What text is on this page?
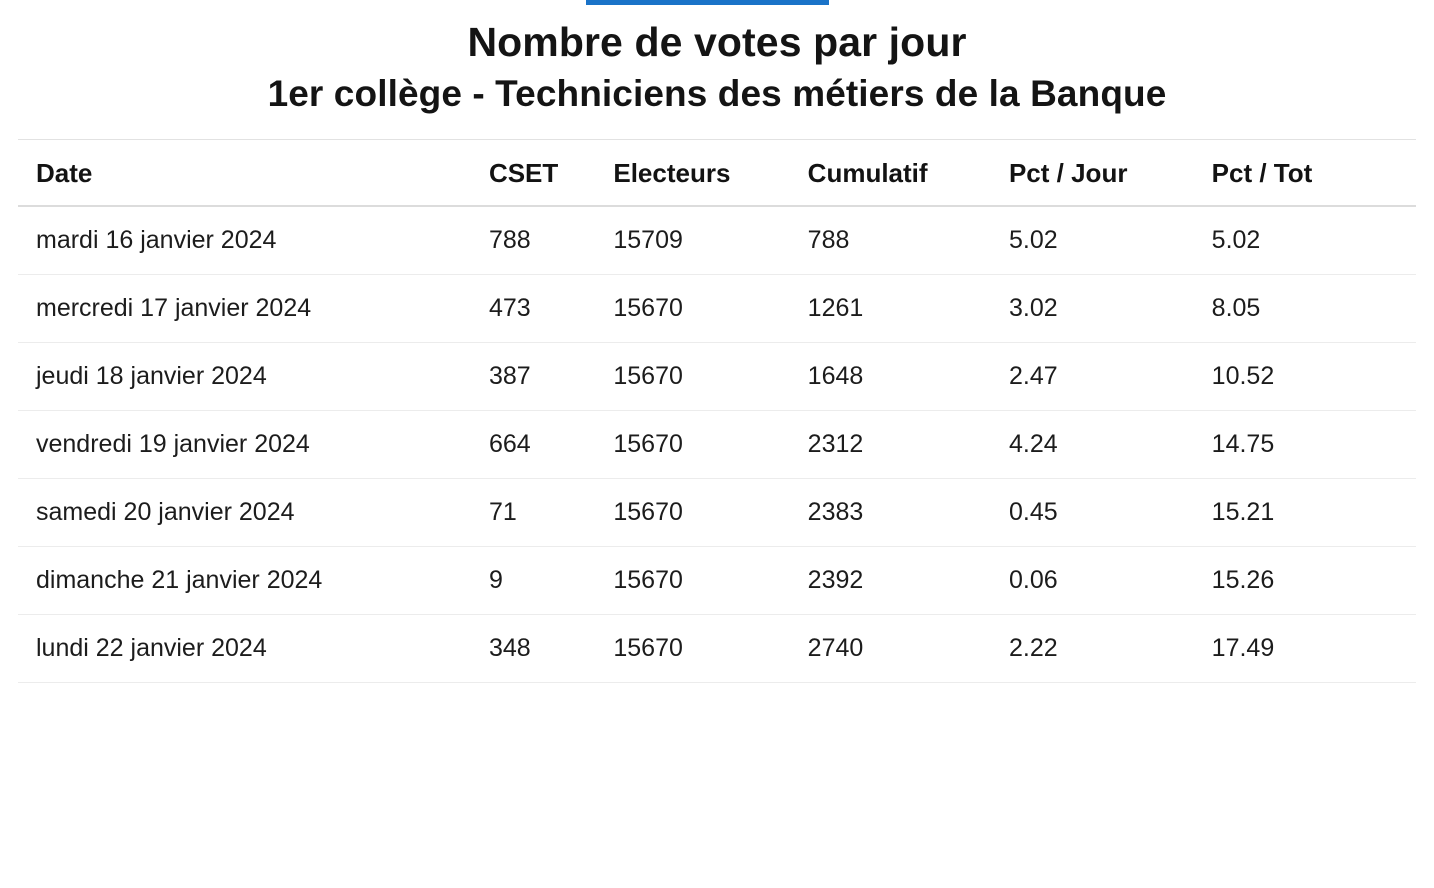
Nombre de votes par jour
1er collège - Techniciens des métiers de la Banque
Date	CSET	Electeurs	Cumulatif	Pct / Jour	Pct / Tot
mardi 16 janvier 2024	788	15709	788	5.02	5.02
mercredi 17 janvier 2024	473	15670	1261	3.02	8.05
jeudi 18 janvier 2024	387	15670	1648	2.47	10.52
vendredi 19 janvier 2024	664	15670	2312	4.24	14.75
samedi 20 janvier 2024	71	15670	2383	0.45	15.21
dimanche 21 janvier 2024	9	15670	2392	0.06	15.26
lundi 22 janvier 2024	348	15670	2740	2.22	17.49
